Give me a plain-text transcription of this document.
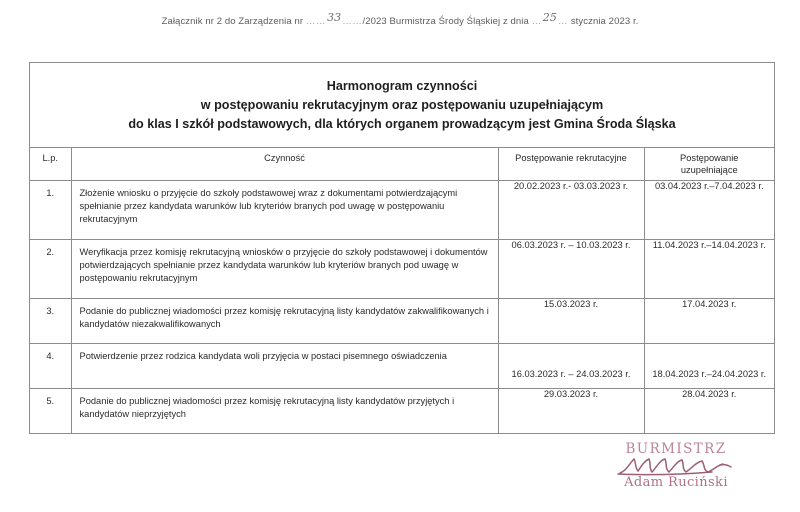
Załącznik nr 2 do Zarządzenia nr ……33……/2023 Burmistrza Środy Śląskiej z dnia …25… stycznia 2023 r.
Harmonogram czynności
w postępowaniu rekrutacyjnym oraz postępowaniu uzupełniającym
do klas I szkół podstawowych, dla których organem prowadzącym jest Gmina Środa Śląska
L.p.	Czynność	Postępowanie rekrutacyjne	Postępowanie
uzupełniające
1.	Złożenie wniosku o przyjęcie do szkoły podstawowej wraz z dokumentami potwierdzającymi spełnianie przez kandydata warunków lub kryteriów branych pod uwagę w postępowaniu rekrutacyjnym	20.02.2023 r.- 03.03.2023 r.	03.04.2023 r.–7.04.2023 r.
2.	Weryfikacja przez komisję rekrutacyjną wniosków o przyjęcie do szkoły podstawowej i dokumentów potwierdzających spełnianie przez kandydata warunków lub kryteriów branych pod uwagę w postępowaniu rekrutacyjnym	06.03.2023 r. – 10.03.2023 r.	11.04.2023 r.–14.04.2023 r.
3.	Podanie do publicznej wiadomości przez komisję rekrutacyjną listy kandydatów zakwalifikowanych i kandydatów niezakwalifikowanych	15.03.2023 r.	17.04.2023 r.
4.	Potwierdzenie przez rodzica kandydata woli przyjęcia w postaci pisemnego oświadczenia	16.03.2023 r. – 24.03.2023 r.	18.04.2023 r.–24.04.2023 r.
5.	Podanie do publicznej wiadomości przez komisję rekrutacyjną listy kandydatów przyjętych i kandydatów nieprzyjętych	29.03.2023 r.	28.04.2023 r.
BURMISTRZ
Adam Ruciński
